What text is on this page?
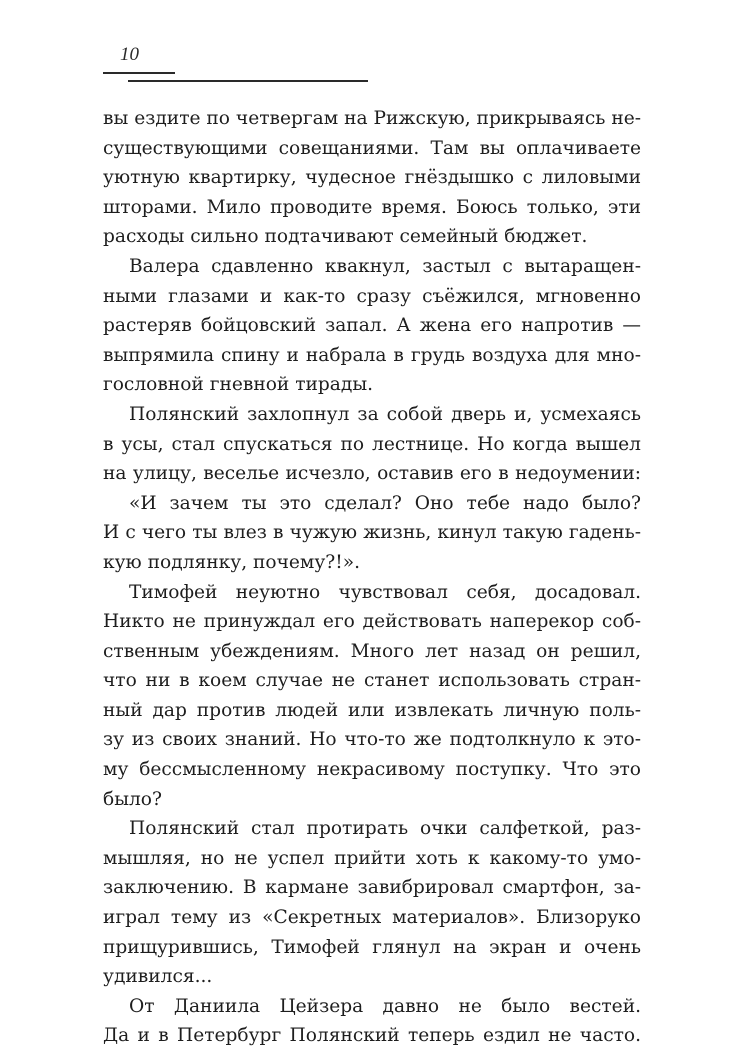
10
вы ездите по четвергам на Рижскую, прикрываясь не-
существующими совещаниями. Там вы оплачиваете
уютную квартирку, чудесное гнёздышко с лиловыми
шторами. Мило проводите время. Боюсь только, эти
расходы сильно подтачивают семейный бюджет.
Валера сдавленно квакнул, застыл с вытаращен-
ными глазами и как-то сразу съёжился, мгновенно
растеряв бойцовский запал. А жена его напротив —
выпрямила спину и набрала в грудь воздуха для мно-
гословной гневной тирады.
Полянский захлопнул за собой дверь и, усмехаясь
в усы, стал спускаться по лестнице. Но когда вышел
на улицу, веселье исчезло, оставив его в недоумении:
«И зачем ты это сделал? Оно тебе надо было?
И с чего ты влез в чужую жизнь, кинул такую гадень-
кую подлянку, почему?!».
Тимофей неуютно чувствовал себя, досадовал.
Никто не принуждал его действовать наперекор соб-
ственным убеждениям. Много лет назад он решил,
что ни в коем случае не станет использовать стран-
ный дар против людей или извлекать личную поль-
зу из своих знаний. Но что-то же подтолкнуло к это-
му бессмысленному некрасивому поступку. Что это
было?
Полянский стал протирать очки салфеткой, раз-
мышляя, но не успел прийти хоть к какому-то умо-
заключению. В кармане завибрировал смартфон, за-
играл тему из «Секретных материалов». Близоруко
прищурившись, Тимофей глянул на экран и очень
удивился...
От Даниила Цейзера давно не было вестей.
Да и в Петербург Полянский теперь ездил не часто.
